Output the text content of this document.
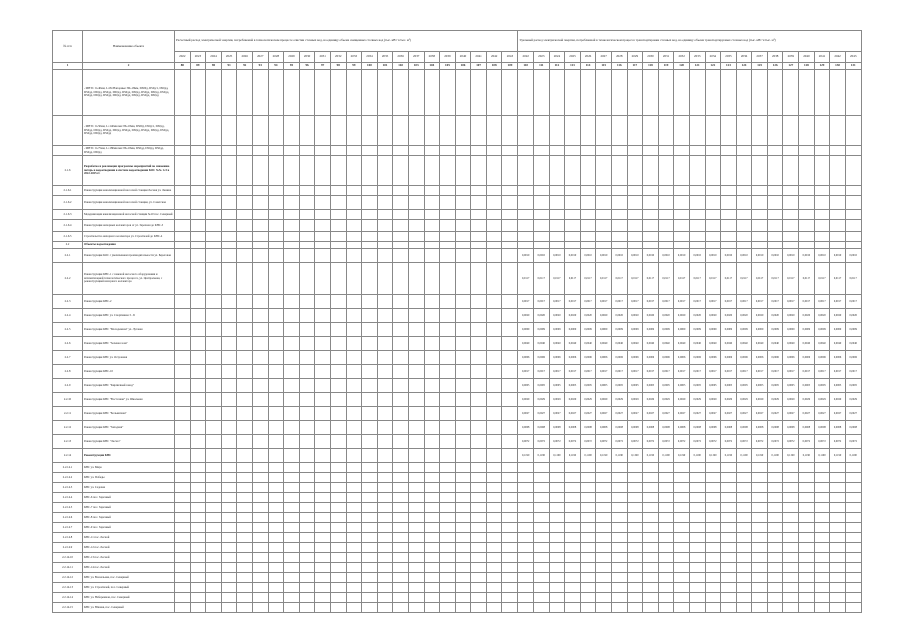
№ п/п	Наименование объекта	Расчетный расход электрической энергии, потребляемой в технологическом процессе очистки сточных вод, на единицу объема очищенных сточных вод (тыс. кВт·ч/тыс. м³)																						Удельный расход электрической энергии, потребляемой в технологическом процессе транспортировки сточных вод, на единицу объема транспортируемых сточных вод (тыс. кВт·ч/тыс. м³)																					
		2022	2023	2024	2025	2026	2027	2028	2029	2030	2031	2032	2033	2034	2035	2036	2037	2038	2039	2040	2041	2042	2043	2022	2023	2024	2025	2026	2027	2028	2029	2030	2031	2032	2033	2034	2035	2036	2037	2038	2039	2040	2041	2042	2043
1	2	88	89	90	91	92	93	94	95	96	97	98	99	100	101	102	103	104	105	106	107	108	109	110	111	112	113	114	115	116	117	118	119	120	121	122	123	124	125	126	127	128	129	130	131
	- МНТ1: 0÷40мм, L=84 Напорные: 86÷18мм, DS00д, DS0д/1, DS0дд, DS0дд, DS0дд, DS0дд, DS0дд, DS0дд, DS0дд, DS0дд, DS0дд, DS0дд, DS0дд, DS0дд, DS0дд, DS0дд, DS0дд, DS0дд, DS0дд, DS0дд																																												
	- МНТ1: 0÷50мм, L=140мм мм: 86÷18мм, DS00д, DS0д/1, DS0дд, DS0дд, DS0дд, DS0дд, DS0дд, DS0дд, DS0дд, DS0дд, DS0дд, DS0дд, DS0дд, DS0дд, DS0дд																																												
	- МНТ1: 0÷75мм, L=180мм мм: 86÷18мм, DS0дд, DS0дд, DS0дд, DS0дд, DS0дд																																												
2.1.6	Разработка и реализация программы мероприятий по снижению потерь и водоотведения в системе водоотведения КОС №№ 1÷5 в 2022-2025 гг.																																												
2.1.6.1	Реконструкция канализационной насосной станции Лесная ул. Ленина																																												
2.1.6.2	Реконструкция канализационной насосной станции, ул. Советская																																												
2.1.6.3	Модернизация канализационной насосной станции №10 пос. Северный																																												
2.1.6.4	Реконструкция напорных коллекторов от ул. Заречная до КНС-3																																												
2.1.6.5	Строительство напорного коллектора ул. Строителей до КНС-4																																												
2.2	Объекты водоотведения																																												
2.2.1	Реконструкция КОС с увеличением производительности ул. Береговая																							0,0010	0,0010	0,0010	0,0010	0,0010	0,0010	0,0010	0,0010	0,0010	0,0010	0,0010	0,0010	0,0010	0,0010	0,0010	0,0010	0,0010	0,0010	0,0010	0,0010	0,0010	0,0010
2.2.2	Реконструкция КНС-1 с заменой насосного оборудования и автоматизацией технологического процесса, ул. Центральная, с реконструкцией напорного коллектора																							0,0117	0,0117	0,0117	0,0117	0,0117	0,0117	0,0117	0,0117	0,0117	0,0117	0,0117	0,0117	0,0117	0,0117	0,0117	0,0117	0,0117	0,0117	0,0117	0,0117	0,0117	0,0117
2.2.3	Реконструкция КНС-2																							0,0017	0,0017	0,0017	0,0017	0,0017	0,0017	0,0017	0,0017	0,0017	0,0017	0,0017	0,0017	0,0017	0,0017	0,0017	0,0017	0,0017	0,0017	0,0017	0,0017	0,0017	0,0017
2.2.4	Реконструкция КНС ул. Спортивная 3 - Б																							0,0020	0,0020	0,0020	0,0020	0,0020	0,0020	0,0020	0,0020	0,0020	0,0020	0,0020	0,0020	0,0020	0,0020	0,0020	0,0020	0,0020	0,0020	0,0020	0,0020	0,0020	0,0020
2.2.5	Реконструкция КНС "Молодежная" ул. Луговая																							0,0009	0,0009	0,0009	0,0009	0,0009	0,0009	0,0009	0,0009	0,0009	0,0009	0,0009	0,0009	0,0009	0,0009	0,0009	0,0009	0,0009	0,0009	0,0009	0,0009	0,0009	0,0009
2.2.6	Реконструкция КНС "Зеленая зона"																							0,0040	0,0040	0,0040	0,0040	0,0040	0,0040	0,0040	0,0040	0,0040	0,0040	0,0040	0,0040	0,0040	0,0040	0,0040	0,0040	0,0040	0,0040	0,0040	0,0040	0,0040	0,0040
2.2.7	Реконструкция КНС ул. Островная																							0,0006	0,0006	0,0006	0,0006	0,0006	0,0006	0,0006	0,0006	0,0006	0,0006	0,0006	0,0006	0,0006	0,0006	0,0006	0,0006	0,0006	0,0006	0,0006	0,0006	0,0006	0,0006
2.2.8	Реконструкция КНС-10																							0,0017	0,0017	0,0017	0,0017	0,0017	0,0017	0,0017	0,0017	0,0017	0,0017	0,0017	0,0017	0,0017	0,0017	0,0017	0,0017	0,0017	0,0017	0,0017	0,0017	0,0017	0,0017
2.2.9	Реконструкция КНС "Кирпичный завод"																							0,0005	0,0005	0,0005	0,0005	0,0005	0,0005	0,0005	0,0005	0,0005	0,0005	0,0005	0,0005	0,0005	0,0005	0,0005	0,0005	0,0005	0,0005	0,0005	0,0005	0,0005	0,0005
2.2.10	Реконструкция КНС "Восточная" ул. Школьная																							0,0029	0,0029	0,0029	0,0029	0,0029	0,0029	0,0029	0,0029	0,0029	0,0029	0,0029	0,0029	0,0029	0,0029	0,0029	0,0029	0,0029	0,0029	0,0029	0,0029	0,0029	0,0029
2.2.11	Реконструкция КНС "Больничная"																							0,0027	0,0027	0,0027	0,0027	0,0027	0,0027	0,0027	0,0027	0,0027	0,0027	0,0027	0,0027	0,0027	0,0027	0,0027	0,0027	0,0027	0,0027	0,0027	0,0027	0,0027	0,0027
2.2.12	Реконструкция КНС "Западная"																							0,0008	0,0008	0,0008	0,0008	0,0008	0,0008	0,0008	0,0008	0,0008	0,0008	0,0008	0,0008	0,0008	0,0008	0,0008	0,0008	0,0008	0,0008	0,0008	0,0008	0,0008	0,0008
2.2.13	Реконструкция КНС "Лесхоз"																							0,0072	0,0072	0,0072	0,0072	0,0072	0,0072	0,0072	0,0072	0,0072	0,0072	0,0072	0,0072	0,0072	0,0072	0,0072	0,0072	0,0072	0,0072	0,0072	0,0072	0,0072	0,0072
2.2.14	Реконструкция КНС																							0,1190	0,1190	0,1190	0,1190	0,1190	0,1190	0,1190	0,1190	0,1190	0,1190	0,1190	0,1190	0,1190	0,1190	0,1190	0,1190	0,1190	0,1190	0,1190	0,1190	0,1190	0,1190
2.2.14.1	КНС ул. Мира																																												
2.2.14.2	КНС ул. Победы																																												
2.2.14.3	КНС ул. Садовая																																												
2.2.14.4	КНС-6 пос. Заречный																																												
2.2.14.5	КНС-7 пос. Заречный																																												
2.2.14.6	КНС-8 пос. Заречный																																												
2.2.14.7	КНС-9 пос. Заречный																																												
2.2.14.8	КНС-11 пос. Лесной																																												
2.2.14.9	КНС-12 пос. Лесной																																												
2.2.14.10	КНС-13 пос. Лесной																																												
2.2.14.11	КНС-14 пос. Лесной																																												
2.2.14.12	КНС ул. Вокзальная, пос. Северный																																												
2.2.14.13	КНС ул. Строителей, пос. Северный																																												
2.2.14.14	КНС ул. Набережная, пос. Северный																																												
2.2.14.15	КНС ул. Южная, пос. Северный																																												
